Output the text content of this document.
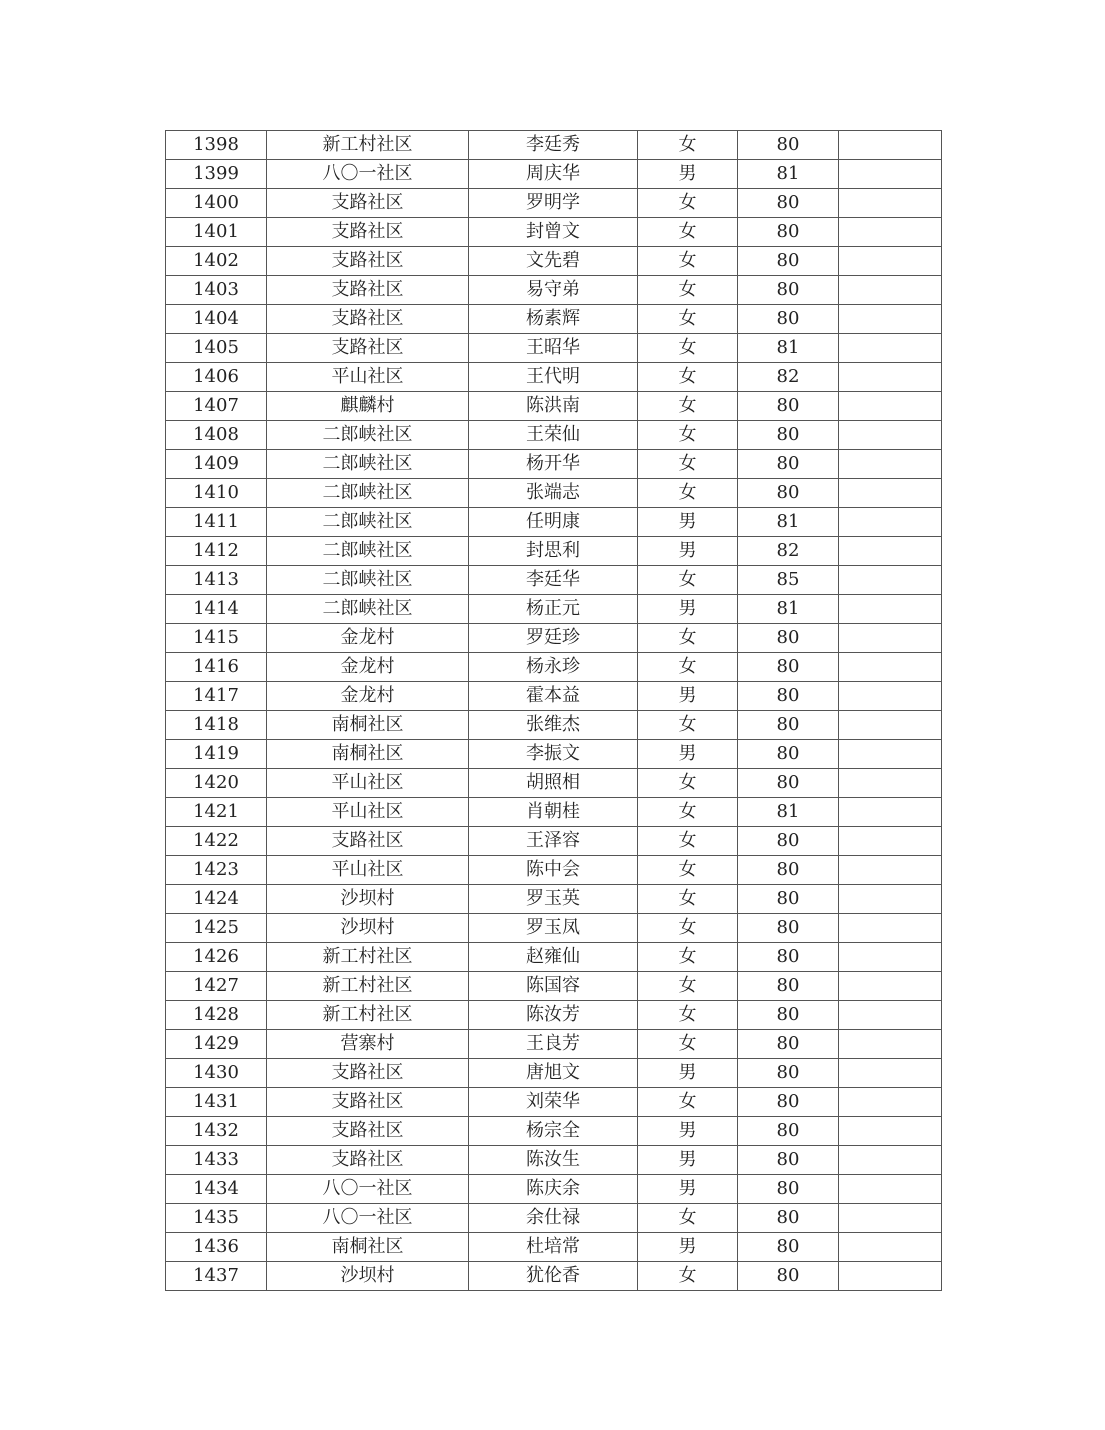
1398	新工村社区	李廷秀	女	80	
1399	八〇一社区	周庆华	男	81	
1400	支路社区	罗明学	女	80	
1401	支路社区	封曾文	女	80	
1402	支路社区	文先碧	女	80	
1403	支路社区	易守弟	女	80	
1404	支路社区	杨素辉	女	80	
1405	支路社区	王昭华	女	81	
1406	平山社区	王代明	女	82	
1407	麒麟村	陈洪南	女	80	
1408	二郎峡社区	王荣仙	女	80	
1409	二郎峡社区	杨开华	女	80	
1410	二郎峡社区	张端志	女	80	
1411	二郎峡社区	任明康	男	81	
1412	二郎峡社区	封思利	男	82	
1413	二郎峡社区	李廷华	女	85	
1414	二郎峡社区	杨正元	男	81	
1415	金龙村	罗廷珍	女	80	
1416	金龙村	杨永珍	女	80	
1417	金龙村	霍本益	男	80	
1418	南桐社区	张维杰	女	80	
1419	南桐社区	李振文	男	80	
1420	平山社区	胡照相	女	80	
1421	平山社区	肖朝桂	女	81	
1422	支路社区	王泽容	女	80	
1423	平山社区	陈中会	女	80	
1424	沙坝村	罗玉英	女	80	
1425	沙坝村	罗玉凤	女	80	
1426	新工村社区	赵雍仙	女	80	
1427	新工村社区	陈国容	女	80	
1428	新工村社区	陈汝芳	女	80	
1429	营寨村	王良芳	女	80	
1430	支路社区	唐旭文	男	80	
1431	支路社区	刘荣华	女	80	
1432	支路社区	杨宗全	男	80	
1433	支路社区	陈汝生	男	80	
1434	八〇一社区	陈庆余	男	80	
1435	八〇一社区	余仕禄	女	80	
1436	南桐社区	杜培常	男	80	
1437	沙坝村	犹伦香	女	80	
